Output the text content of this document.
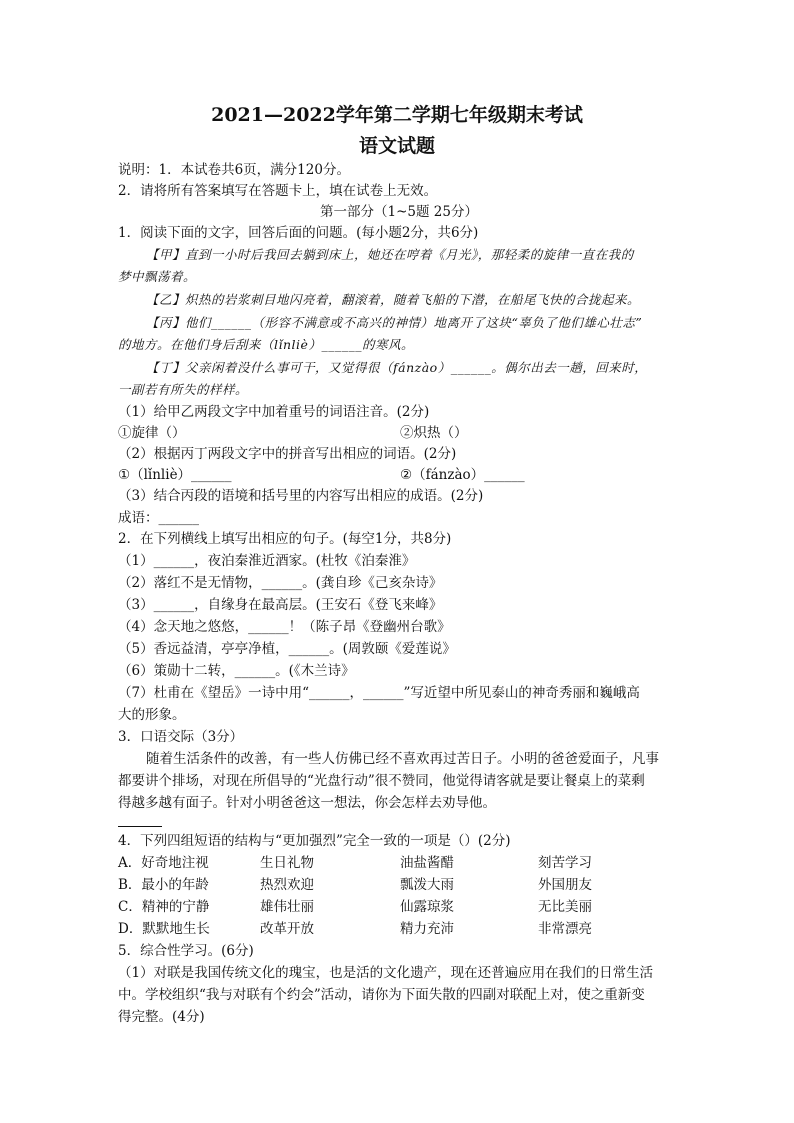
2021—2022学年第二学期七年级期末考试
语文试题
说明：1．本试卷共6页，满分120分。
2．请将所有答案填写在答题卡上，填在试卷上无效。
第一部分（1~5题 25分）
1．阅读下面的文字，回答后面的问题。(每小题2分，共6分)
【甲】直到一小时后我回去躺到床上，她还在哼着《月光》，那轻柔的旋律一直在我的
梦中飘荡着。
【乙】炽热的岩浆刺目地闪亮着，翻滚着，随着飞船的下潜，在船尾飞快的合拢起来。
【丙】他们______（形容不满意或不高兴的神情）地离开了这块“辜负了他们雄心壮志”
的地方。在他们身后刮来（lǐnliè）______的寒风。
【丁】父亲闲着没什么事可干，又觉得很（fánzào）______。偶尔出去一趟，回来时，
一副若有所失的样样。
（1）给甲乙两段文字中加着重号的词语注音。(2分)
①旋律（）	②炽热（）
（2）根据丙丁两段文字中的拼音写出相应的词语。(2分)
①（lǐnliè）______	②（fánzào）______
（3）结合丙段的语境和括号里的内容写出相应的成语。(2分)
成语：______
2．在下列横线上填写出相应的句子。(每空1分，共8分)
（1）______，夜泊秦淮近酒家。(杜牧《泊秦淮》
（2）落红不是无情物，______。(龚自珍《己亥杂诗》
（3）______，自缘身在最高层。(王安石《登飞来峰》
（4）念天地之悠悠，______！（陈子昂《登幽州台歌》
（5）香远益清，亭亭净植，______。(周敦颐《爱莲说》
（6）策勋十二转，______。(《木兰诗》
（7）杜甫在《望岳》一诗中用“______，______”写近望中所见泰山的神奇秀丽和巍峨高
大的形象。
3．口语交际（3分）
随着生活条件的改善，有一些人仿佛已经不喜欢再过苦日子。小明的爸爸爱面子，凡事
都要讲个排场，对现在所倡导的“光盘行动”很不赞同，他觉得请客就是要让餐桌上的菜剩
得越多越有面子。针对小明爸爸这一想法，你会怎样去劝导他。
4．下列四组短语的结构与“更加强烈”完全一致的一项是（）(2分)
A．好奇地注视	生日礼物	油盐酱醋	刻苦学习
B．最小的年龄	热烈欢迎	瓢泼大雨	外国朋友
C．精神的宁静	雄伟壮丽	仙露琼浆	无比美丽
D．默默地生长	改革开放	精力充沛	非常漂亮
5．综合性学习。(6分)
（1）对联是我国传统文化的瑰宝，也是活的文化遗产，现在还普遍应用在我们的日常生活
中。学校组织“我与对联有个约会”活动，请你为下面失散的四副对联配上对，使之重新变
得完整。(4分)
